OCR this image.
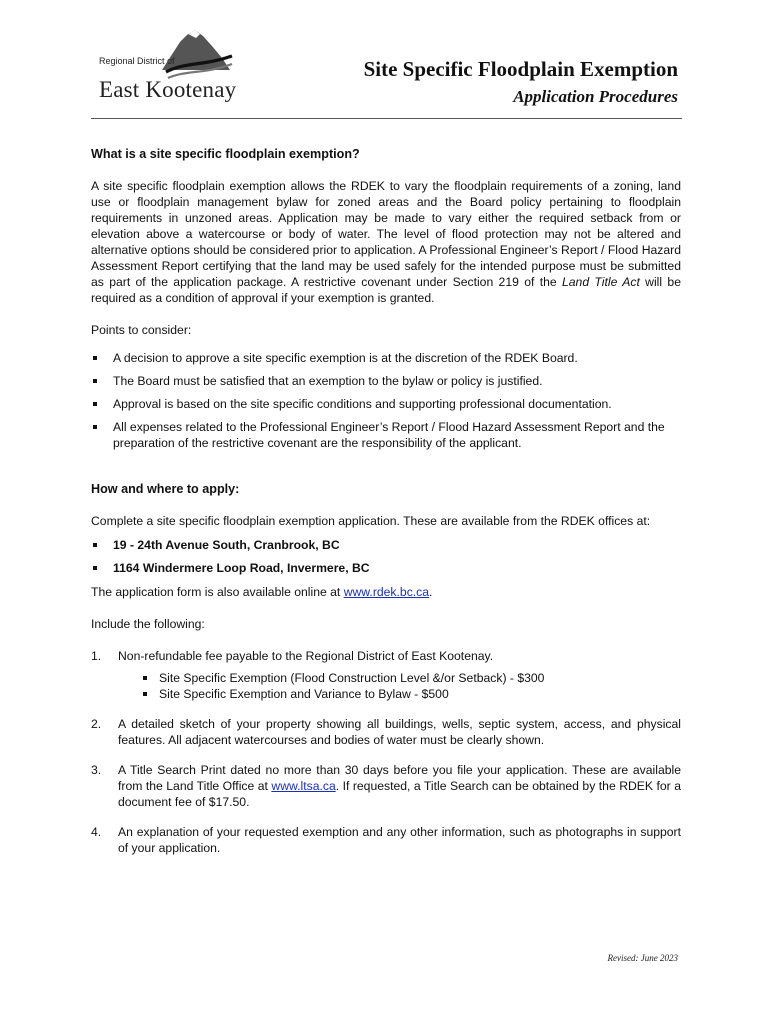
Regional District of
East Kootenay
Site Specific Floodplain Exemption
Application Procedures

What is a site specific floodplain exemption?

A site specific floodplain exemption allows the RDEK to vary the floodplain requirements of a zoning, land use or floodplain management bylaw for zoned areas and the Board policy pertaining to floodplain requirements in unzoned areas. Application may be made to vary either the required setback from or elevation above a watercourse or body of water. The level of flood protection may not be altered and alternative options should be considered prior to application. A Professional Engineer’s Report / Flood Hazard Assessment Report certifying that the land may be used safely for the intended purpose must be submitted as part of the application package. A restrictive covenant under Section 219 of the Land Title Act will be required as a condition of approval if your exemption is granted.

Points to consider:

A decision to approve a site specific exemption is at the discretion of the RDEK Board.
The Board must be satisfied that an exemption to the bylaw or policy is justified.
Approval is based on the site specific conditions and supporting professional documentation.
All expenses related to the Professional Engineer’s Report / Flood Hazard Assessment Report and the preparation of the restrictive covenant are the responsibility of the applicant.

How and where to apply:

Complete a site specific floodplain exemption application. These are available from the RDEK offices at:

19 - 24th Avenue South, Cranbrook, BC
1164 Windermere Loop Road, Invermere, BC

The application form is also available online at www.rdek.bc.ca.

Include the following:

1. Non-refundable fee payable to the Regional District of East Kootenay.
Site Specific Exemption (Flood Construction Level &/or Setback) - $300
Site Specific Exemption and Variance to Bylaw - $500
2. A detailed sketch of your property showing all buildings, wells, septic system, access, and physical features. All adjacent watercourses and bodies of water must be clearly shown.
3. A Title Search Print dated no more than 30 days before you file your application. These are available from the Land Title Office at www.ltsa.ca. If requested, a Title Search can be obtained by the RDEK for a document fee of $17.50.
4. An explanation of your requested exemption and any other information, such as photographs in support of your application.
Revised: June 2023
